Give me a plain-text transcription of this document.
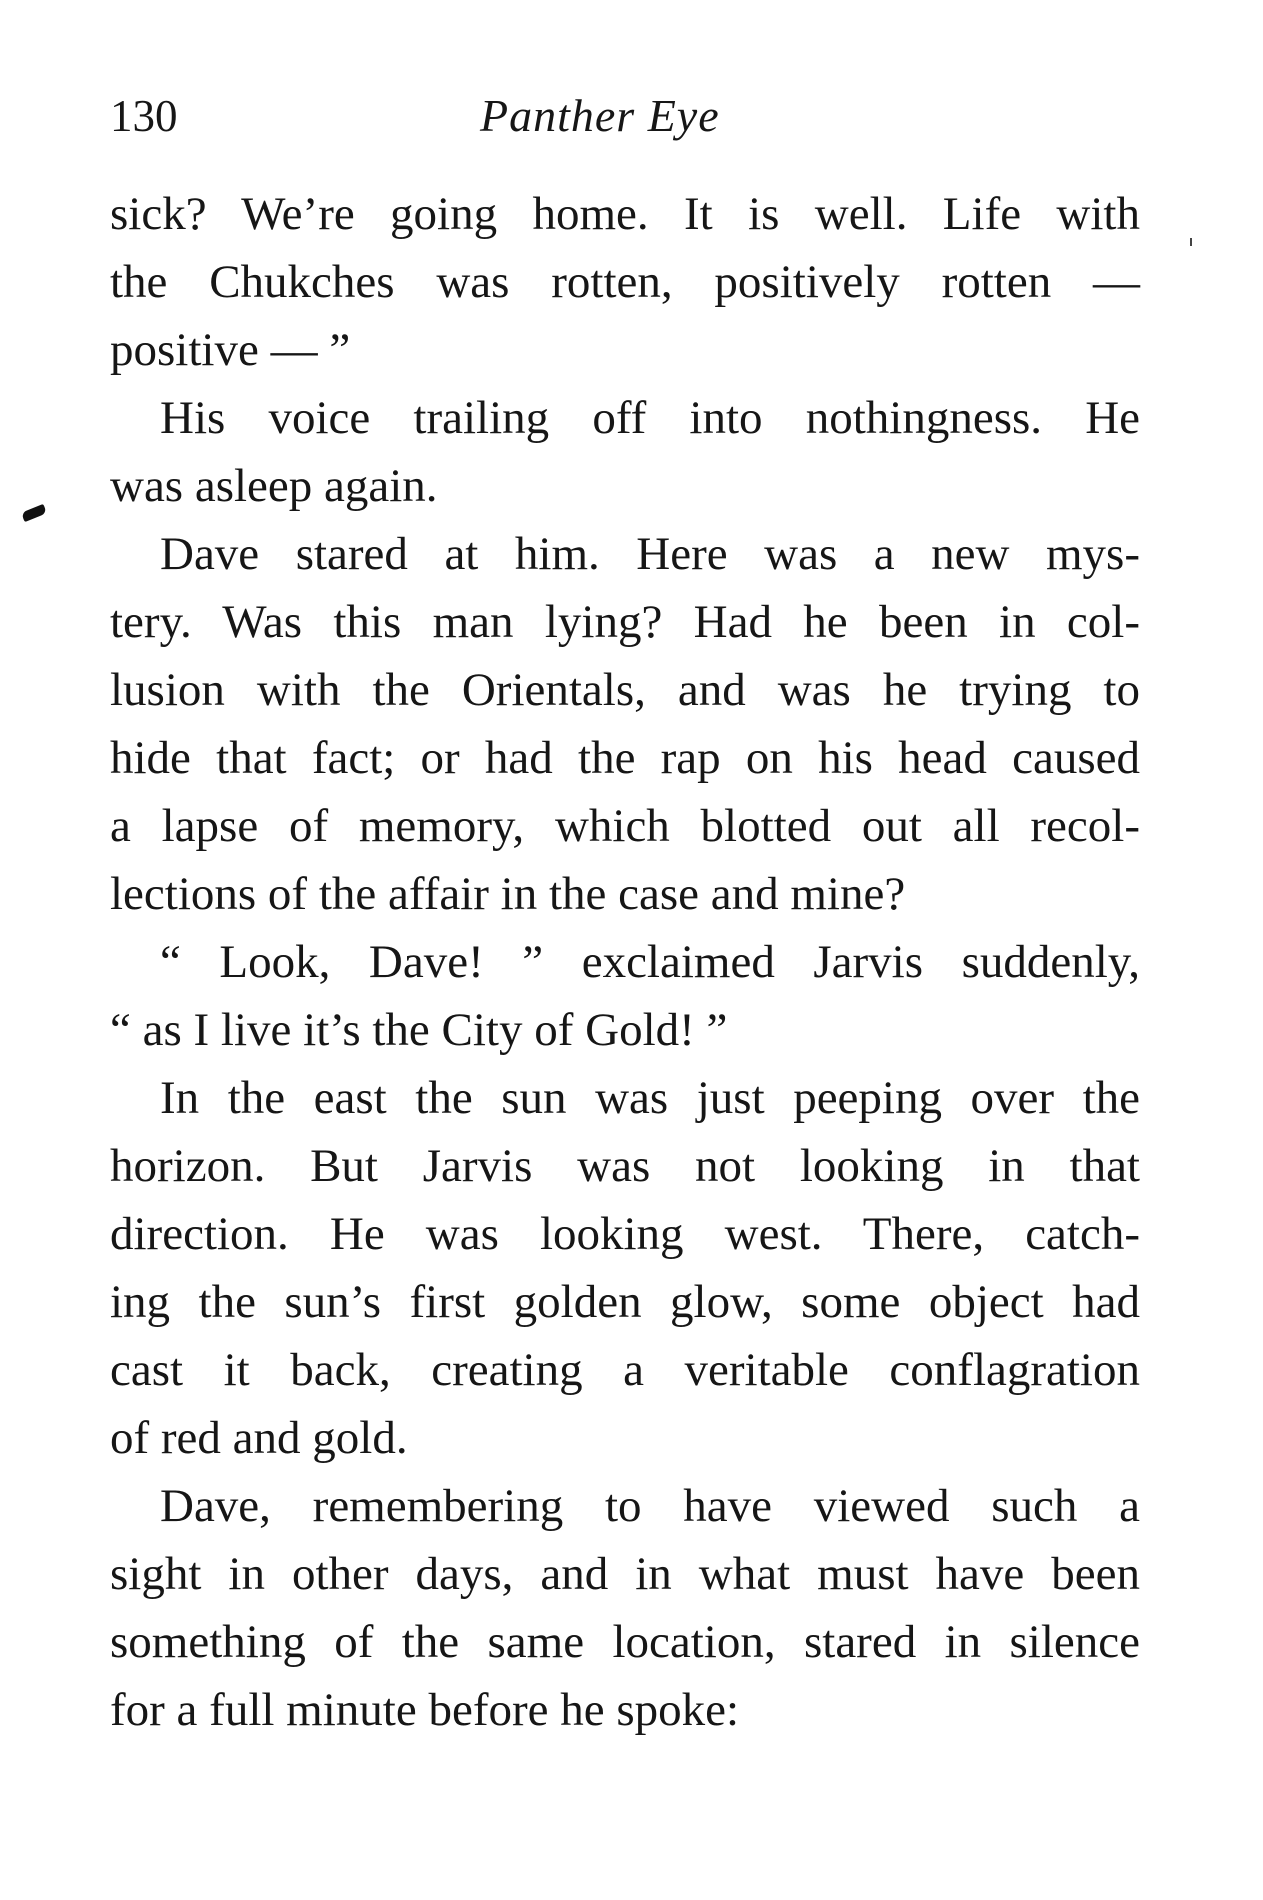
130	Panther Eye
sick? We’re going home. It is well. Life with
the Chukches was rotten, positively rotten —
positive — ”
His voice trailing off into nothingness. He
was asleep again.
Dave stared at him. Here was a new mys-
tery. Was this man lying? Had he been in col-
lusion with the Orientals, and was he trying to
hide that fact; or had the rap on his head caused
a lapse of memory, which blotted out all recol-
lections of the affair in the case and mine?
“ Look, Dave! ” exclaimed Jarvis suddenly,
“ as I live it’s the City of Gold! ”
In the east the sun was just peeping over the
horizon. But Jarvis was not looking in that
direction. He was looking west. There, catch-
ing the sun’s first golden glow, some object had
cast it back, creating a veritable conflagration
of red and gold.
Dave, remembering to have viewed such a
sight in other days, and in what must have been
something of the same location, stared in silence
for a full minute before he spoke:
